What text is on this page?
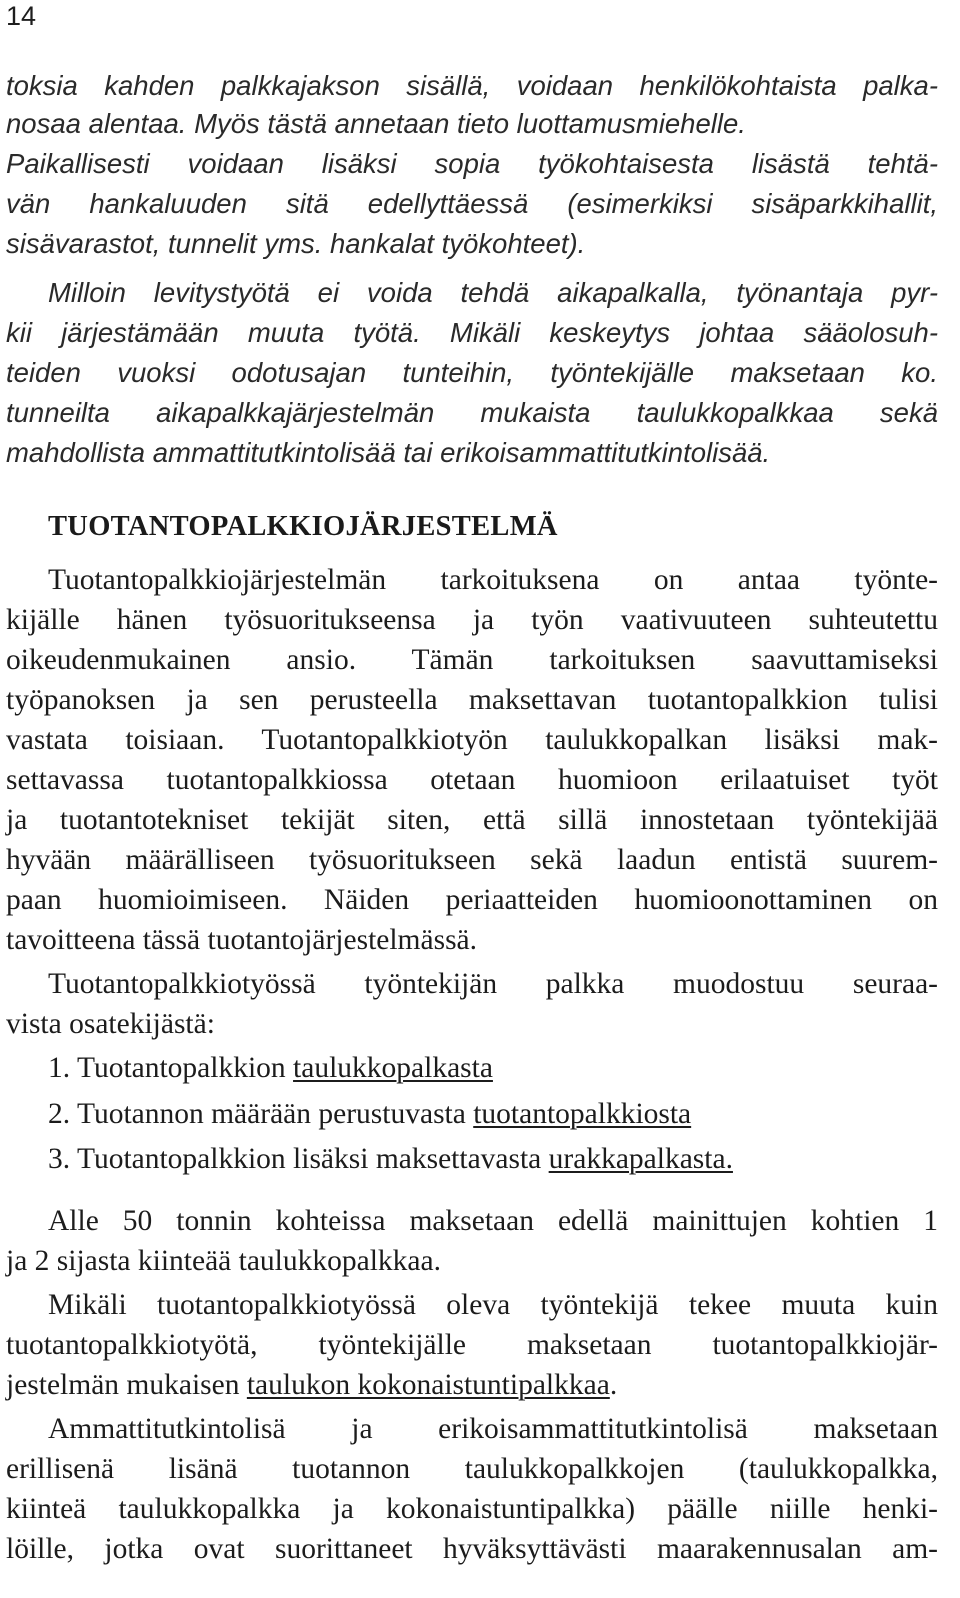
14
toksia kahden palkkajakson sisällä, voidaan henkilökohtaista palka-
nosaa alentaa. Myös tästä annetaan tieto luottamusmiehelle.
Paikallisesti voidaan lisäksi sopia työkohtaisesta lisästä tehtä-
vän hankaluuden sitä edellyttäessä (esimerkiksi sisäparkkihallit,
sisävarastot, tunnelit yms. hankalat työkohteet).
Milloin levitystyötä ei voida tehdä aikapalkalla, työnantaja pyr-
kii järjestämään muuta työtä. Mikäli keskeytys johtaa sääolosuh-
teiden vuoksi odotusajan tunteihin, työntekijälle maksetaan ko.
tunneilta aikapalkkajärjestelmän mukaista taulukkopalkkaa sekä
mahdollista ammattitutkintolisää tai erikoisammattitutkintolisää.
TUOTANTOPALKKIOJÄRJESTELMÄ
Tuotantopalkkiojärjestelmän tarkoituksena on antaa työnte-
kijälle hänen työsuoritukseensa ja työn vaativuuteen suhteutettu
oikeudenmukainen ansio. Tämän tarkoituksen saavuttamiseksi
työpanoksen ja sen perusteella maksettavan tuotantopalkkion tulisi
vastata toisiaan. Tuotantopalkkiotyön taulukkopalkan lisäksi mak-
settavassa tuotantopalkkiossa otetaan huomioon erilaatuiset työt
ja tuotantotekniset tekijät siten, että sillä innostetaan työntekijää
hyvään määrälliseen työsuoritukseen sekä laadun entistä suurem-
paan huomioimiseen. Näiden periaatteiden huomioonottaminen on
tavoitteena tässä tuotantojärjestelmässä.
Tuotantopalkkiotyössä työntekijän palkka muodostuu seuraa-
vista osatekijästä:
1. Tuotantopalkkion taulukkopalkasta
2. Tuotannon määrään perustuvasta tuotantopalkkiosta
3. Tuotantopalkkion lisäksi maksettavasta urakkapalkasta.
Alle 50 tonnin kohteissa maksetaan edellä mainittujen kohtien 1
ja 2 sijasta kiinteää taulukkopalkkaa.
Mikäli tuotantopalkkiotyössä oleva työntekijä tekee muuta kuin
tuotantopalkkiotyötä, työntekijälle maksetaan tuotantopalkkiojär-
jestelmän mukaisen taulukon kokonaistuntipalkkaa.
Ammattitutkintolisä ja erikoisammattitutkintolisä maksetaan
erillisenä lisänä tuotannon taulukkopalkkojen (taulukkopalkka,
kiinteä taulukkopalkka ja kokonaistuntipalkka) päälle niille henki-
löille, jotka ovat suorittaneet hyväksyttävästi maarakennusalan am-
